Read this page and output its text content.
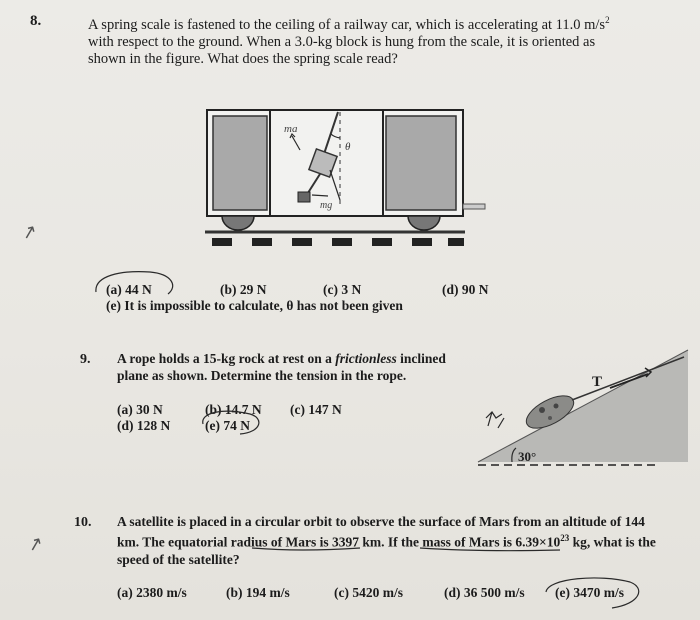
8.	A spring scale is fastened to the ceiling of a railway car, which is accelerating at 11.0 $m/s^2$
with respect to the ground. When a 3.0-kg block is hung from the scale, it is oriented as
shown in the figure. What does the spring scale read?
θ
ma
mg
↗
(a) 44 N	(b) 29 N	(c) 3 N	(d) 90 N
(e) It is impossible to calculate, θ has not been given
9. A rope holds a 15-kg rock at rest on a frictionless inclined
plane as shown. Determine the tension in the rope.
(a) 30 N	(b) 14.7 N (c) 147 N
(d) 128 N	(e) 74 N
T
30°
10. A satellite is placed in a circular orbit to observe the surface of Mars from an altitude of 144
km. The equatorial radius of Mars is 3397 km. If the mass of Mars is $6.39\times 10^{23}$ kg, what is the
speed of the satellite?
↗
(a) 2380 m/s	(b) 194 m/s	(c) 5420 m/s	(d) 36 500 m/s (e) 3470 m/s
